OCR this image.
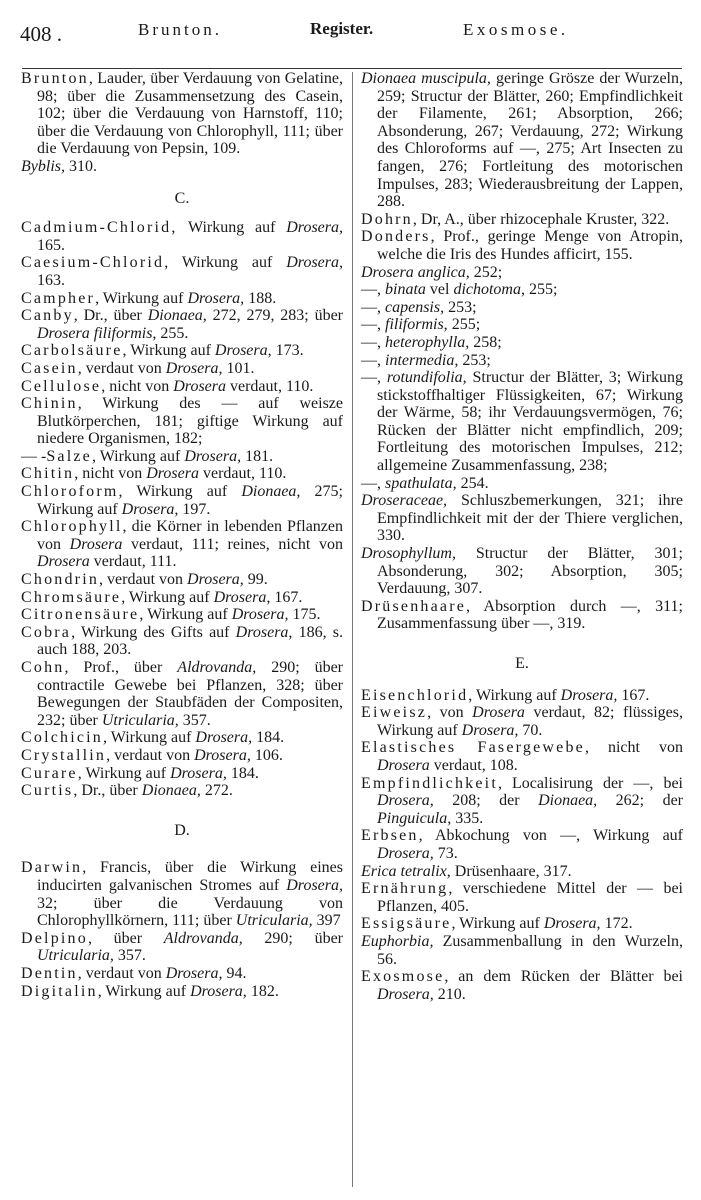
408 .	Brunton.	Register.	Exosmose.

Brunton, Lauder, über Verdauung von Gelatine, 98; über die Zusammensetzung des Casein, 102; über die Verdauung von Harnstoff, 110; über die Verdauung von Chlorophyll, 111; über die Verdauung von Pepsin, 109.

Byblis, 310.

C.

Cadmium-Chlorid, Wirkung auf Drosera, 165.

Caesium-Chlorid, Wirkung auf Drosera, 163.

Campher, Wirkung auf Drosera, 188.

Canby, Dr., über Dionaea, 272, 279, 283; über Drosera filiformis, 255.

Carbolsäure, Wirkung auf Drosera, 173.

Casein, verdaut von Drosera, 101.

Cellulose, nicht von Drosera verdaut, 110.

Chinin, Wirkung des — auf weisze Blutkörperchen, 181; giftige Wirkung auf niedere Organismen, 182;

— -Salze, Wirkung auf Drosera, 181.

Chitin, nicht von Drosera verdaut, 110.

Chloroform, Wirkung auf Dionaea, 275; Wirkung auf Drosera, 197.

Chlorophyll, die Körner in lebenden Pflanzen von Drosera verdaut, 111; reines, nicht von Drosera verdaut, 111.

Chondrin, verdaut von Drosera, 99.

Chromsäure, Wirkung auf Drosera, 167.

Citronensäure, Wirkung auf Drosera, 175.

Cobra, Wirkung des Gifts auf Drosera, 186, s. auch 188, 203.

Cohn, Prof., über Aldrovanda, 290; über contractile Gewebe bei Pflanzen, 328; über Bewegungen der Staubfäden der Compositen, 232; über Utricularia, 357.

Colchicin, Wirkung auf Drosera, 184.

Crystallin, verdaut von Drosera, 106.

Curare, Wirkung auf Drosera, 184.

Curtis, Dr., über Dionaea, 272.

D.

Darwin, Francis, über die Wirkung eines inducirten galvanischen Stromes auf Drosera, 32; über die Verdauung von Chlorophyllkörnern, 111; über Utricularia, 397

Delpino, über Aldrovanda, 290; über Utricularia, 357.

Dentin, verdaut von Drosera, 94.

Digitalin, Wirkung auf Drosera, 182.

Dionaea muscipula, geringe Grösze der Wurzeln, 259; Structur der Blätter, 260; Empfindlichkeit der Filamente, 261; Absorption, 266; Absonderung, 267; Verdauung, 272; Wirkung des Chloroforms auf —, 275; Art Insecten zu fangen, 276; Fortleitung des motorischen Impulses, 283; Wiederausbreitung der Lappen, 288.

Dohrn, Dr, A., über rhizocephale Kruster, 322.

Donders, Prof., geringe Menge von Atropin, welche die Iris des Hundes afficirt, 155.

Drosera anglica, 252;

—, binata vel dichotoma, 255;

—, capensis, 253;

—, filiformis, 255;

—, heterophylla, 258;

—, intermedia, 253;

—, rotundifolia, Structur der Blätter, 3; Wirkung stickstoffhaltiger Flüssigkeiten, 67; Wirkung der Wärme, 58; ihr Verdauungsvermögen, 76; Rücken der Blätter nicht empfindlich, 209; Fortleitung des motorischen Impulses, 212; allgemeine Zusammenfassung, 238;

—, spathulata, 254.

Droseraceae, Schluszbemerkungen, 321; ihre Empfindlichkeit mit der der Thiere verglichen, 330.

Drosophyllum, Structur der Blätter, 301; Absonderung, 302; Absorption, 305; Verdauung, 307.

Drüsenhaare, Absorption durch —, 311; Zusammenfassung über —, 319.

E.

Eisenchlorid, Wirkung auf Drosera, 167.

Eiweisz, von Drosera verdaut, 82; flüssiges, Wirkung auf Drosera, 70.

Elastisches Fasergewebe, nicht von Drosera verdaut, 108.

Empfindlichkeit, Localisirung der —, bei Drosera, 208; der Dionaea, 262; der Pinguicula, 335.

Erbsen, Abkochung von —, Wirkung auf Drosera, 73.

Erica tetralix, Drüsenhaare, 317.

Ernährung, verschiedene Mittel der — bei Pflanzen, 405.

Essigsäure, Wirkung auf Drosera, 172.

Euphorbia, Zusammenballung in den Wurzeln, 56.

Exosmose, an dem Rücken der Blätter bei Drosera, 210.
